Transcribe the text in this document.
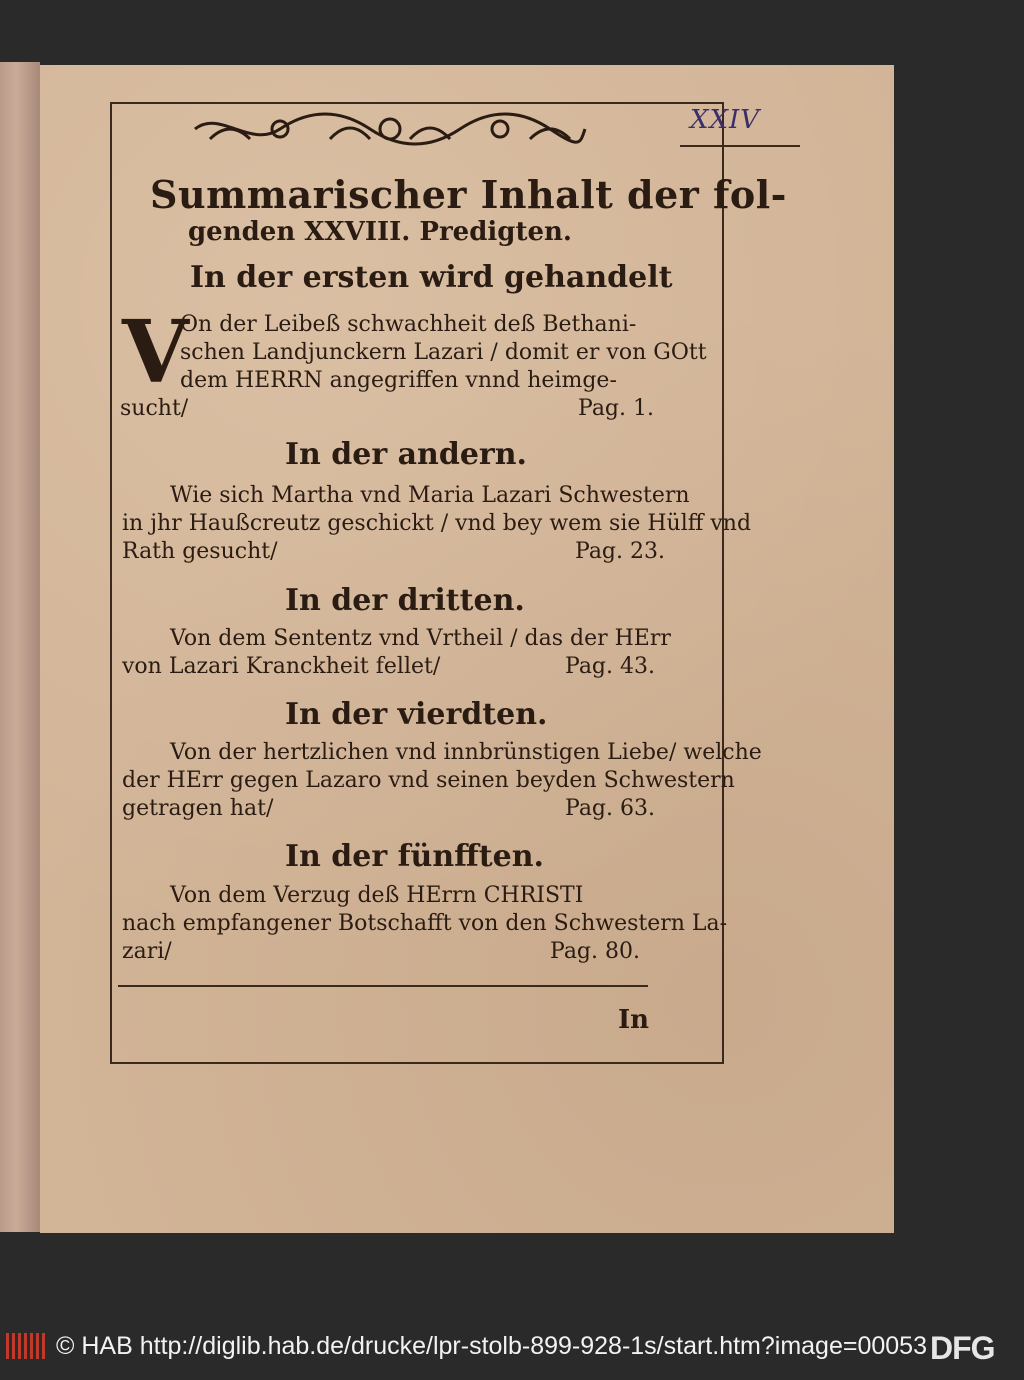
XXIV
Summarischer Inhalt der fol-
genden XXVIII. Predigten.
In der ersten wird gehandelt
V
On der Leibeß schwachheit deß Bethani-
schen Landjunckern Lazari / domit er von GOtt
dem HERRN angegriffen vnnd heimge-
sucht/	Pag. 1.
In der andern.
Wie sich Martha vnd Maria Lazari Schwestern
in jhr Haußcreutz geschickt / vnd bey wem sie Hülff vnd
Rath gesucht/	Pag. 23.
In der dritten.
Von dem Sententz vnd Vrtheil / das der HErr
von Lazari Kranckheit fellet/	Pag. 43.
In der vierdten.
Von der hertzlichen vnd innbrünstigen Liebe/ welche
der HErr gegen Lazaro vnd seinen beyden Schwestern
getragen hat/	Pag. 63.
In der fünfften.
Von dem Verzug deß HErrn CHRISTI
nach empfangener Botschafft von den Schwestern La-
zari/	Pag. 80.
In
© HAB http://diglib.hab.de/drucke/lpr-stolb-899-928-1s/start.htm?image=00053 DFG
